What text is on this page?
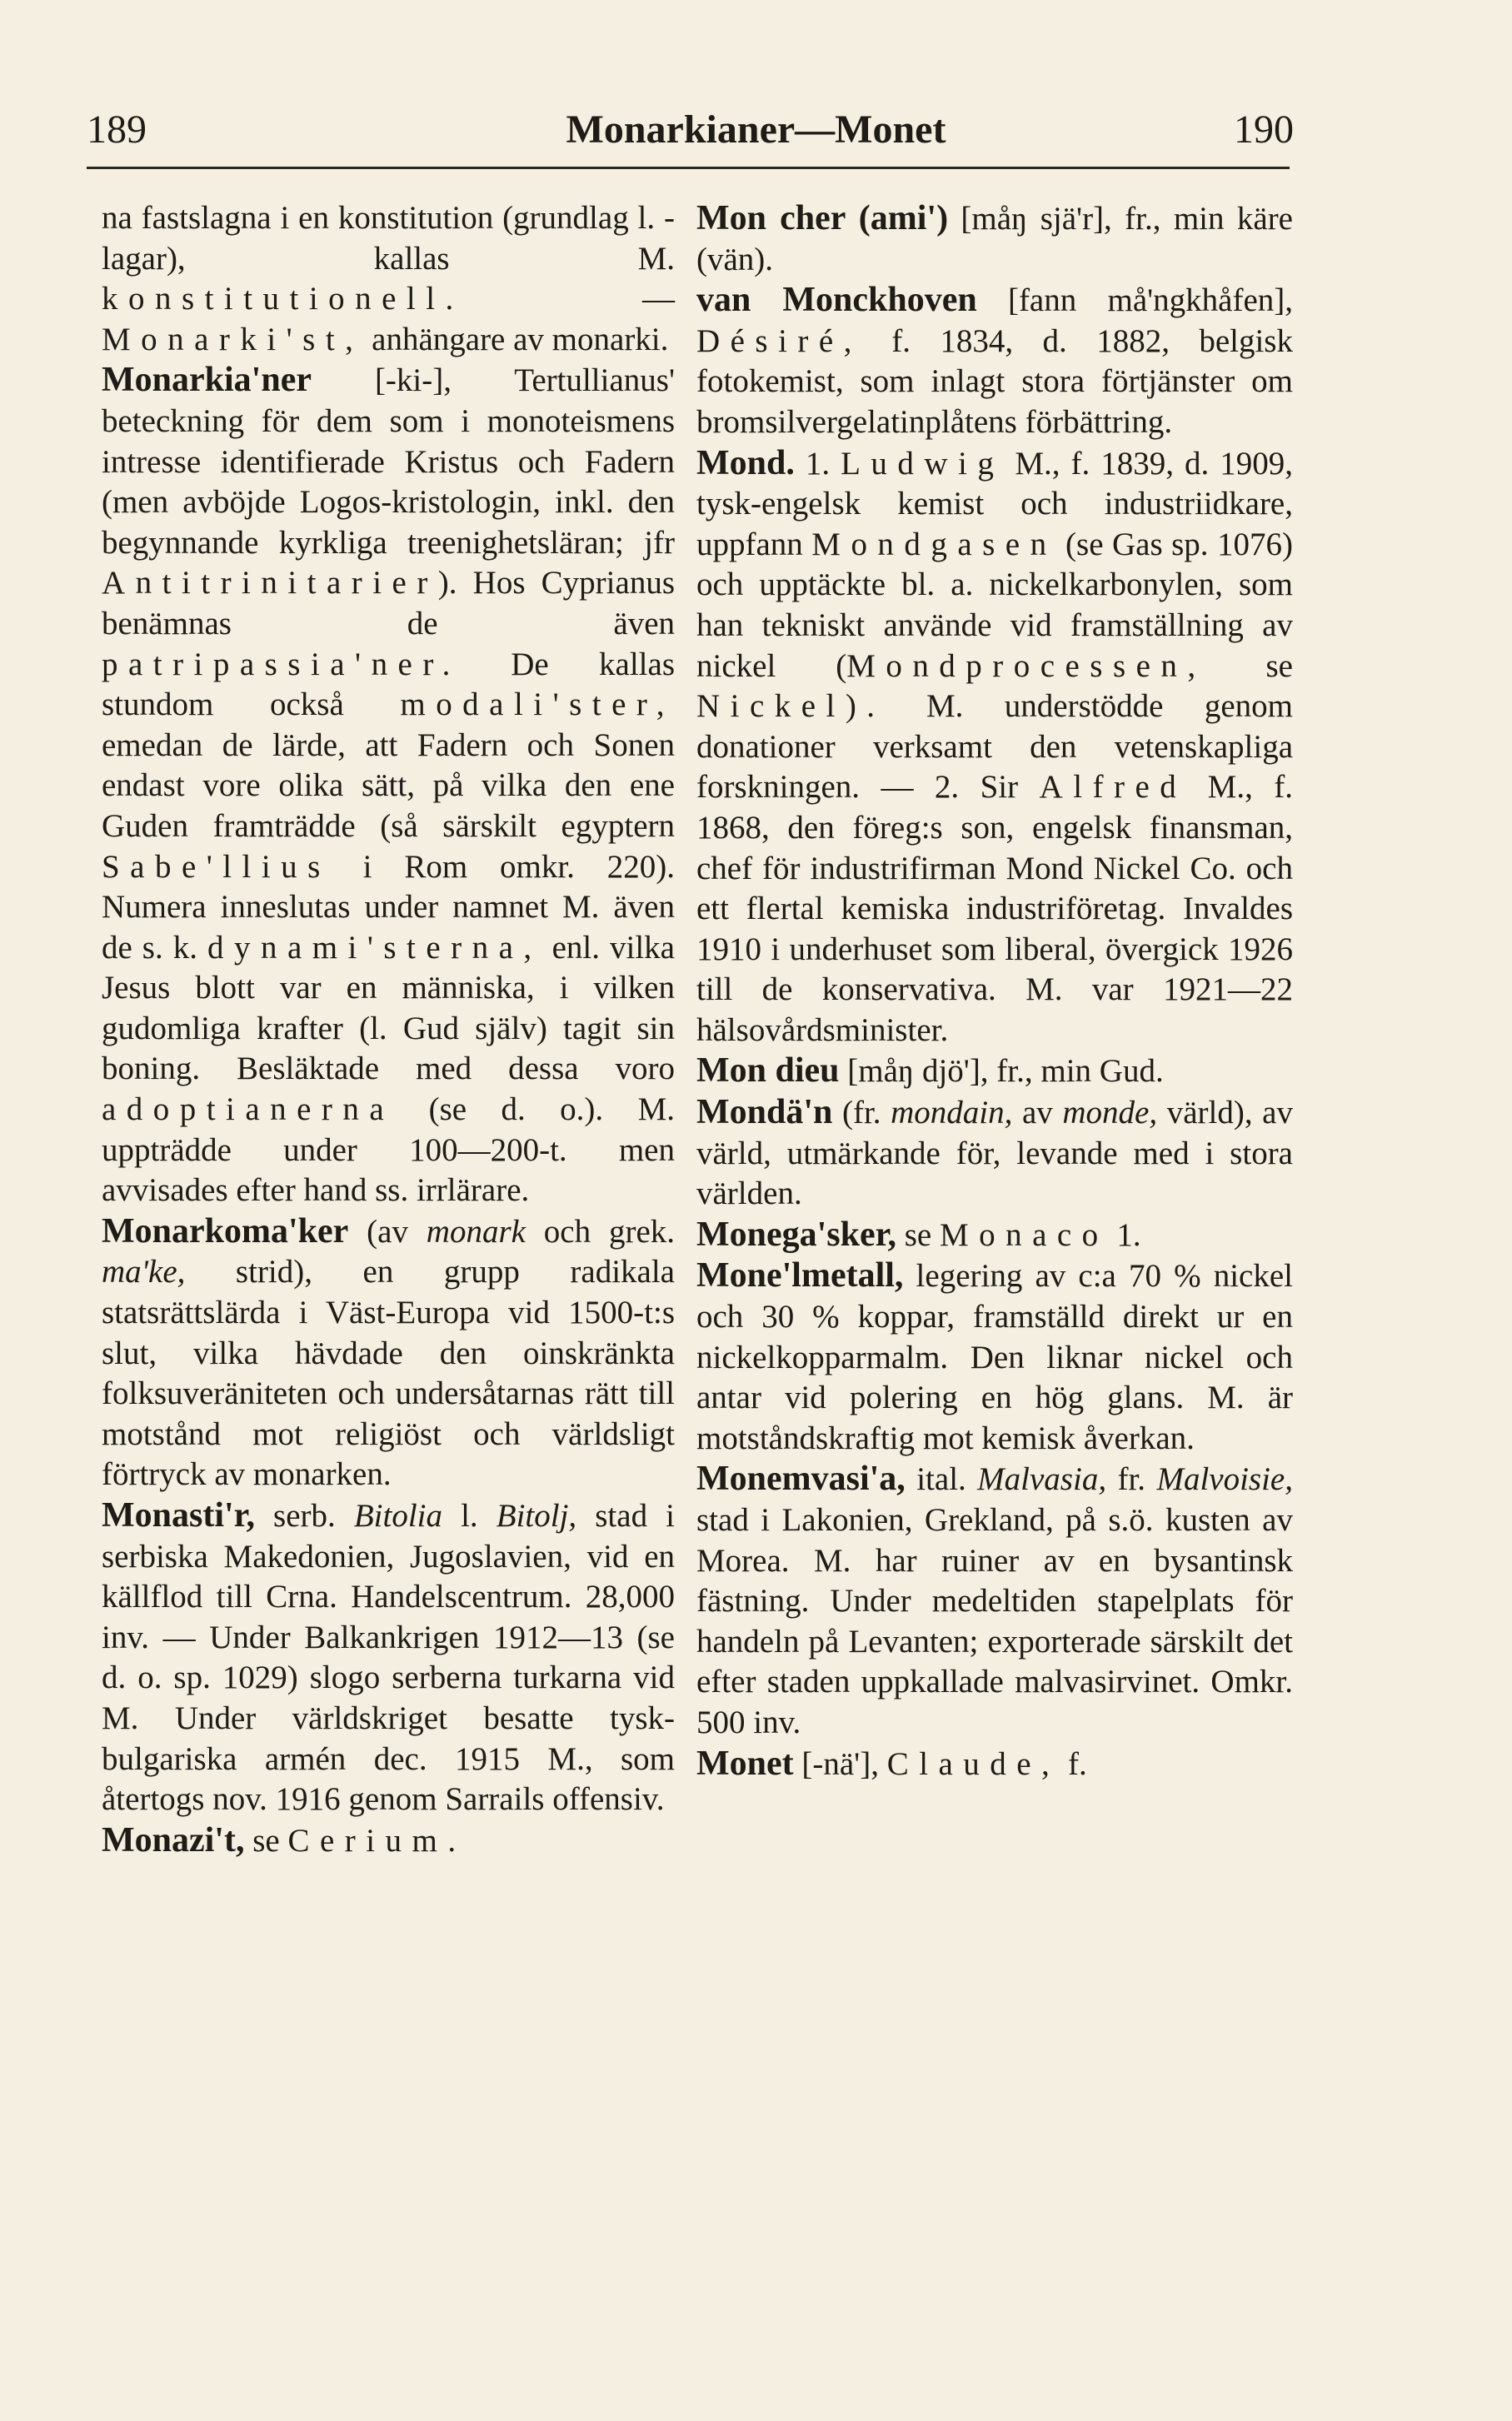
189	Monarkianer—Monet	190

na fastslagna i en konstitution (grundlag l. -lagar), kallas M. konstitutionell. — Monarki'st, anhängare av monarki.

Monarkia'ner [-ki-], Tertullianus' beteckning för dem som i monoteismens intresse identifierade Kristus och Fadern (men avböjde Logos-kristologin, inkl. den begynnande kyrkliga treenighetsläran; jfr Antitrinitarier). Hos Cyprianus benämnas de även patripassia'ner. De kallas stundom också modali'ster, emedan de lärde, att Fadern och Sonen endast vore olika sätt, på vilka den ene Guden framträdde (så särskilt egyptern Sabe'llius i Rom omkr. 220). Numera inneslutas under namnet M. även de s. k. dynami'sterna, enl. vilka Jesus blott var en människa, i vilken gudomliga krafter (l. Gud själv) tagit sin boning. Besläktade med dessa voro adoptianerna (se d. o.). M. uppträdde under 100—200-t. men avvisades efter hand ss. irrlärare.

Monarkoma'ker (av monark och grek. ma'ke, strid), en grupp radikala statsrättslärda i Väst-Europa vid 1500-t:s slut, vilka hävdade den oinskränkta folksuveräniteten och undersåtarnas rätt till motstånd mot religiöst och världsligt förtryck av monarken.

Monasti'r, serb. Bitolia l. Bitolj, stad i serbiska Makedonien, Jugoslavien, vid en källflod till Crna. Handelscentrum. 28,000 inv. — Under Balkankrigen 1912—13 (se d. o. sp. 1029) slogo serberna turkarna vid M. Under världskriget besatte tysk-bulgariska armén dec. 1915 M., som återtogs nov. 1916 genom Sarrails offensiv.

Monazi't, se Cerium.

Mon cher (ami') [måŋ sjä'r], fr., min käre (vän).

van Monckhoven [fann må'ngkhåfen], Désiré, f. 1834, d. 1882, belgisk fotokemist, som inlagt stora förtjänster om bromsilvergelatinplåtens förbättring.

Mond. 1. Ludwig M., f. 1839, d. 1909, tysk-engelsk kemist och industriidkare, uppfann Mondgasen (se Gas sp. 1076) och upptäckte bl. a. nickelkarbonylen, som han tekniskt använde vid framställning av nickel (Mondprocessen, se Nickel). M. understödde genom donationer verksamt den vetenskapliga forskningen. — 2. Sir Alfred M., f. 1868, den föreg:s son, engelsk finansman, chef för industrifirman Mond Nickel Co. och ett flertal kemiska industriföretag. Invaldes 1910 i underhuset som liberal, övergick 1926 till de konservativa. M. var 1921—22 hälsovårdsminister.

Mon dieu [måŋ djö'], fr., min Gud.

Mondä'n (fr. mondain, av monde, värld), av värld, utmärkande för, levande med i stora världen.

Monega'sker, se Monaco 1.

Mone'lmetall, legering av c:a 70 % nickel och 30 % koppar, framställd direkt ur en nickelkopparmalm. Den liknar nickel och antar vid polering en hög glans. M. är motståndskraftig mot kemisk åverkan.

Monemvasi'a, ital. Malvasia, fr. Malvoisie, stad i Lakonien, Grekland, på s.ö. kusten av Morea. M. har ruiner av en bysantinsk fästning. Under medeltiden stapelplats för handeln på Levanten; exporterade särskilt det efter staden uppkallade malvasirvinet. Omkr. 500 inv.

Monet [-nä'], Claude, f.
